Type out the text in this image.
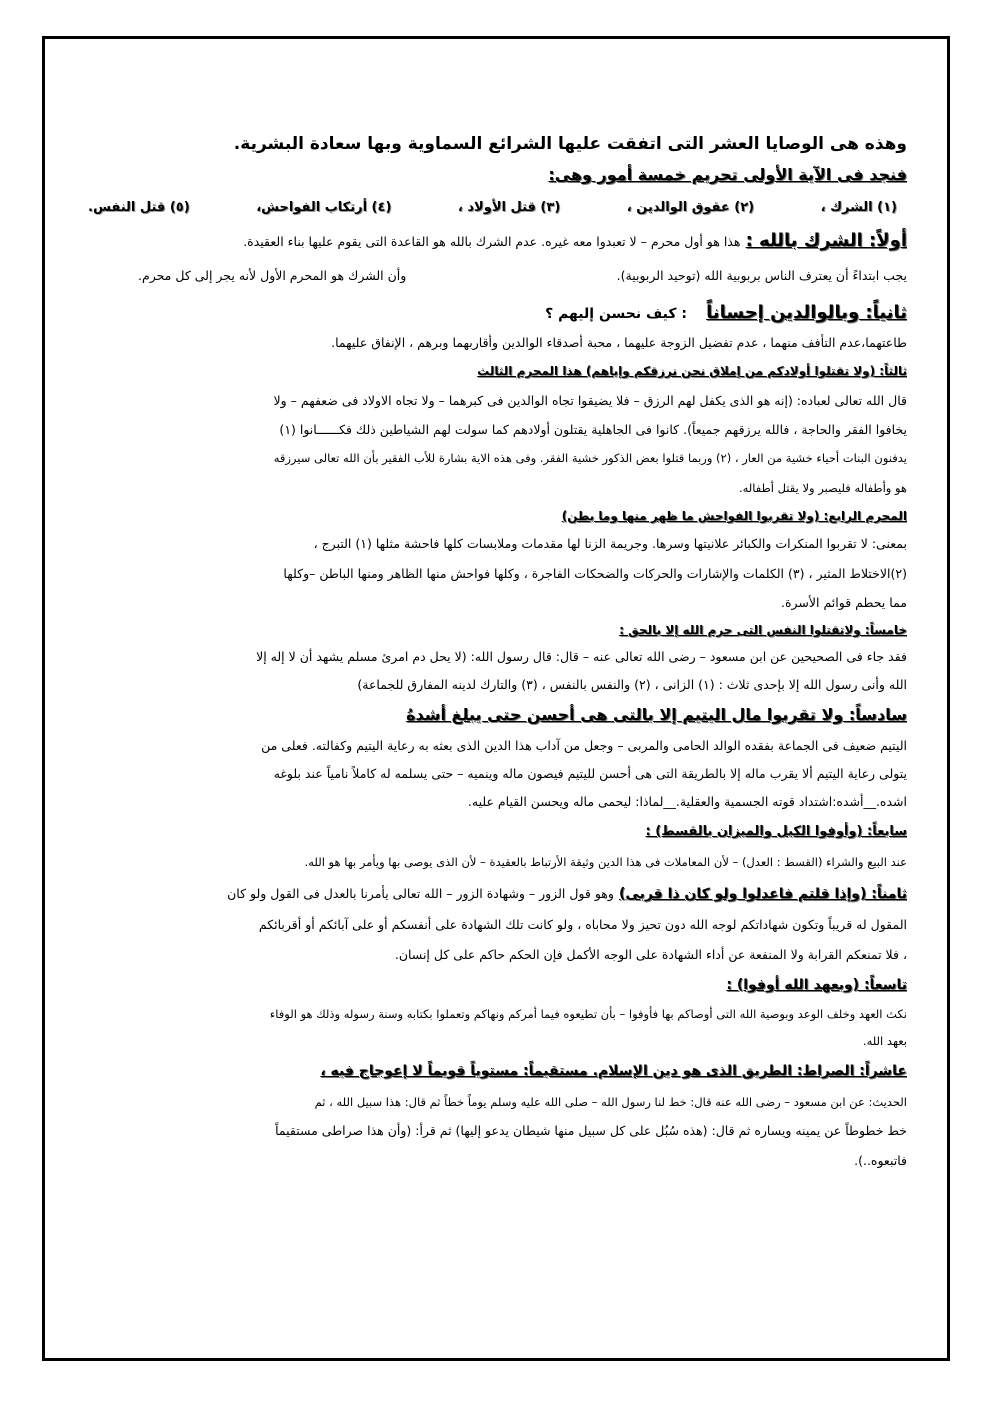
وهذه هى الوصايا العشر التى اتفقت عليها الشرائع السماوية وبها سعادة البشرية.
فنجد فى الآية الأولى تحريم خمسة أمور وهى:
(١) الشرك ،
(٢) عقوق الوالدين ،
(٣) قتل الأولاد ،
(٤) أرتكاب الفواحش،
(٥) قتل النفس.
أولاً: الشرك بالله : هذا هو أول محرم – لا تعبدوا معه غيره. عدم الشرك بالله هو القاعدة التى يقوم عليها بناء العقيدة.
يجب ابتداءً أن يعترف الناس بربوبية الله (توحيد الربوبية).
وأن الشرك هو المحرم الأول لأنه يجر إلى كل محرم.
ثانياً: وبالوالدين إحساناً : كيف نحسن إليهم ؟
طاعتهما،عدم التأفف منهما ، عدم تفضيل الزوجة عليهما ، محبة أصدقاء الوالدين وأقاربهما وبرهم ، الإنفاق عليهما.
ثالثاً: (ولا تقتلوا أولادكم من إملاق نحن نرزقكم وإياهم) هذا المحرم الثالث
قال الله تعالى لعباده: (إنه هو الذى يكفل لهم الرزق – فلا يضيقوا تجاه الوالدين فى كبرهما – ولا تجاه الاولاد فى ضعفهم – ولا
يخافوا الفقر والحاجة ، فالله يرزقهم جميعاً). كانوا فى الجاهلية يقتلون أولادهم كما سولت لهم الشياطين ذلك فكــــــانوا (١)
يدفنون البنات أحياء خشية من العار ، (٢) وربما قتلوا بعض الذكور خشية الفقر. وفى هذه الاية بشارة للأب الفقير بأن الله تعالى سيرزقه
هو وأطفاله فليصبر ولا يقتل أطفاله.
المحرم الرابع: (ولا تقربوا الفواحش ما ظهر منها وما بطن)
بمعنى: لا تقربوا المنكرات والكبائر علانيتها وسرها. وجريمة الزنا لها مقدمات وملابسات كلها فاحشة مثلها (١) التبرج ،
(٢)الاختلاط المثير ، (٣) الكلمات والإشارات والحركات والضحكات الفاجرة ، وكلها فواحش منها الظاهر ومنها الباطن –وكلها
مما يحطم قوائم الأسرة.
خامساً: ولاتقتلوا النفس التى حرم الله إلا بالحق :
فقد جاء فى الصحيحين عن ابن مسعود – رضى الله تعالى عنه – قال: قال رسول الله: (لا يحل دم امرئ مسلم يشهد أن لا إله إلا
الله وأنى رسول الله إلا بإحدى ثلاث : (١) الزانى ، (٢) والنفس بالنفس ، (٣) والتارك لدينه المفارق للجماعة)
سادساً: ولا تقربوا مال اليتيم إلا بالتى هى أحسن حتى يبلغ أشدهُ
اليتيم ضعيف فى الجماعة بفقده الوالد الحامى والمربى – وجعل من آداب هذا الدين الذى بعثه به رعاية اليتيم وكفالته. فعلى من
يتولى رعاية اليتيم ألا يقرب ماله إلا بالطريقة التى هى أحسن لليتيم فيصون ماله وينميه – حتى يسلمه له كاملاً نامياً عند بلوغه
اشده.__أشده:اشتداد قوته الجسمية والعقلية.__لماذا: ليحمى ماله ويحسن القيام عليه.
سابعاً: (وأوفوا الكيل والميزان بالقسط) :
عند البيع والشراء (القسط : العدل) – لأن المعاملات فى هذا الدين وثيقة الأرتباط بالعقيدة – لأن الذى يوصى بها ويأمر بها هو الله.
ثامناً: (وإذا قلتم فاعدلوا ولو كان ذا قربى) وهو قول الزور – وشهادة الزور – الله تعالى يأمرنا بالعدل فى القول ولو كان
المقول له قريباً وتكون شهاداتكم لوجه الله دون تحيز ولا محاباه ، ولو كانت تلك الشهادة على أنفسكم أو على آبائكم أو أقربائكم
، فلا تمنعكم القرابة ولا المنفعة عن أداء الشهادة على الوجه الأكمل فإن الحكم حاكم على كل إنسان.
تاسعاً: (وبعهد الله أوفوا) :
نكث العهد وخلف الوعد وبوصية الله التى أوصاكم بها فأوفوا – بأن تطيعوه فيما أمركم ونهاكم وتعملوا بكتابه وسنة رسوله وذلك هو الوفاء
بعهد الله.
عاشراً: الصراط: الطريق الذى هو دين الإسلام. مستقيماً: مستوياً قويماً لا إعوجاج فيه ،
الحديث: عن ابن مسعود – رضى الله عنه قال: خط لنا رسول الله – صلى الله عليه وسلم يوماً خطاً ثم قال: هذا سبيل الله ، ثم
خط خطوطاً عن يمينه ويساره ثم قال: (هذه سُبُل على كل سبيل منها شيطان يدعو إليها) ثم قرأ: (وأن هذا صراطى مستقيماً
فاتبعوه..).
